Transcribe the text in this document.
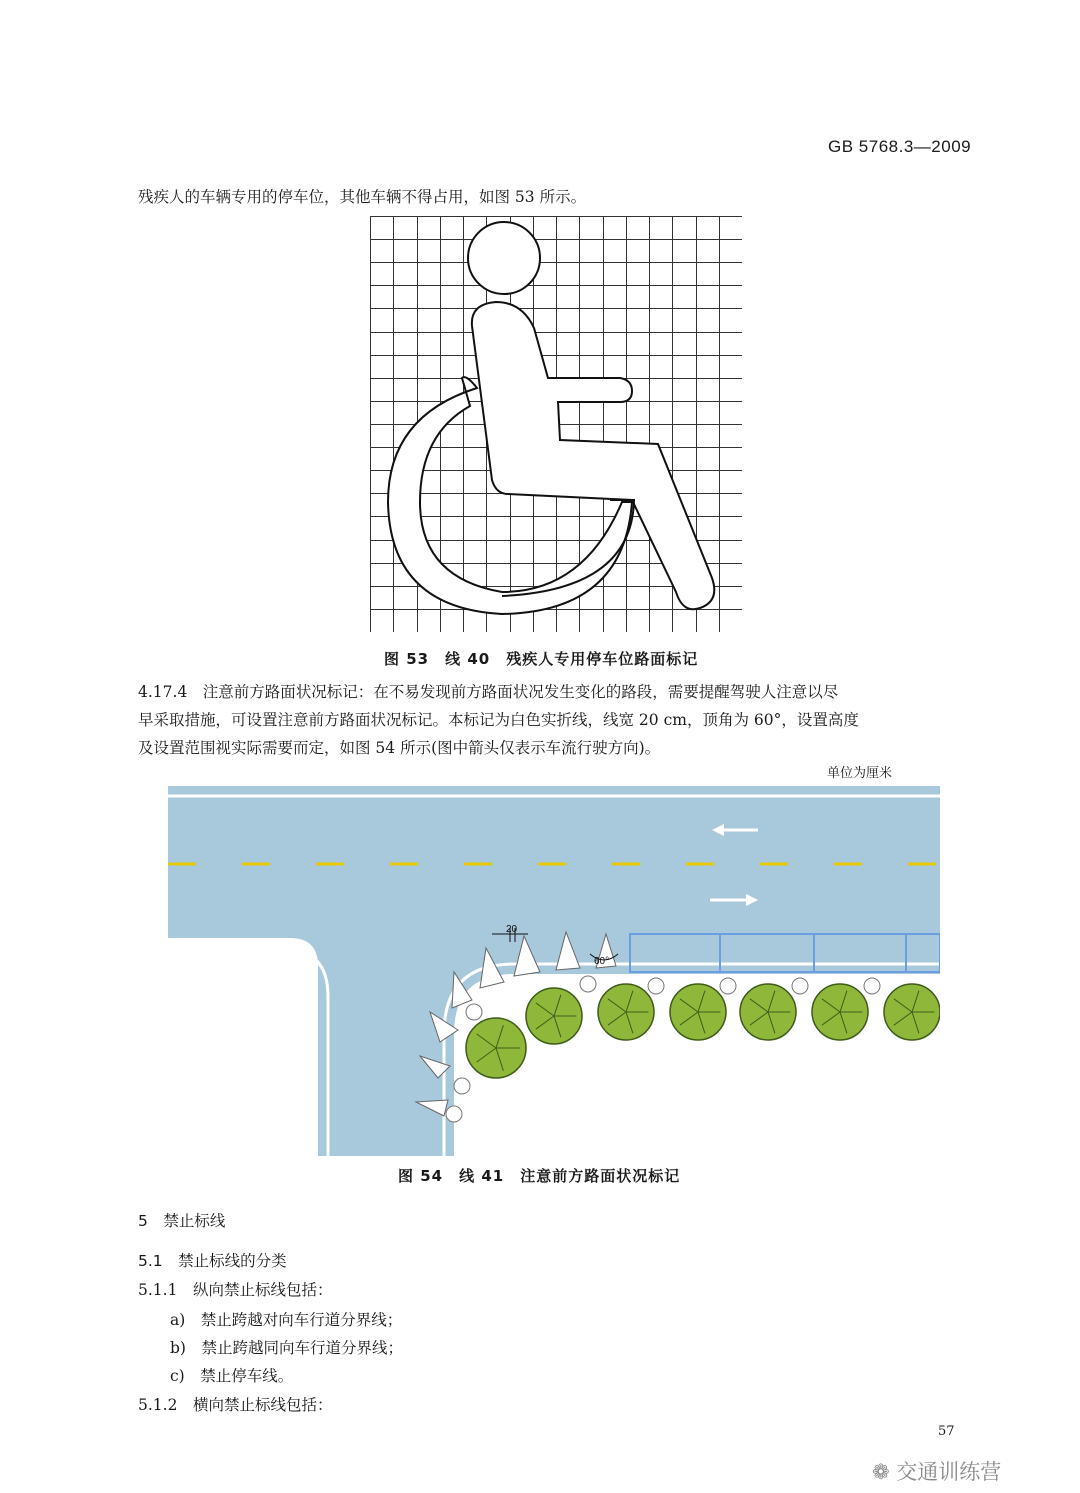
GB 5768.3—2009
残疾人的车辆专用的停车位，其他车辆不得占用，如图 53 所示。
图 53　线 40　残疾人专用停车位路面标记
4.17.4　注意前方路面状况标记：在不易发现前方路面状况发生变化的路段，需要提醒驾驶人注意以尽
早采取措施，可设置注意前方路面状况标记。本标记为白色实折线，线宽 20 cm，顶角为 60°，设置高度
及设置范围视实际需要而定，如图 54 所示(图中箭头仅表示车流行驶方向)。
单位为厘米
20
60°
图 54　线 41　注意前方路面状况标记
5　禁止标线
5.1　禁止标线的分类
5.1.1　纵向禁止标线包括：
a)　禁止跨越对向车行道分界线；
b)　禁止跨越同向车行道分界线；
c)　禁止停车线。
5.1.2　横向禁止标线包括：
57
❁ 交通训练营
